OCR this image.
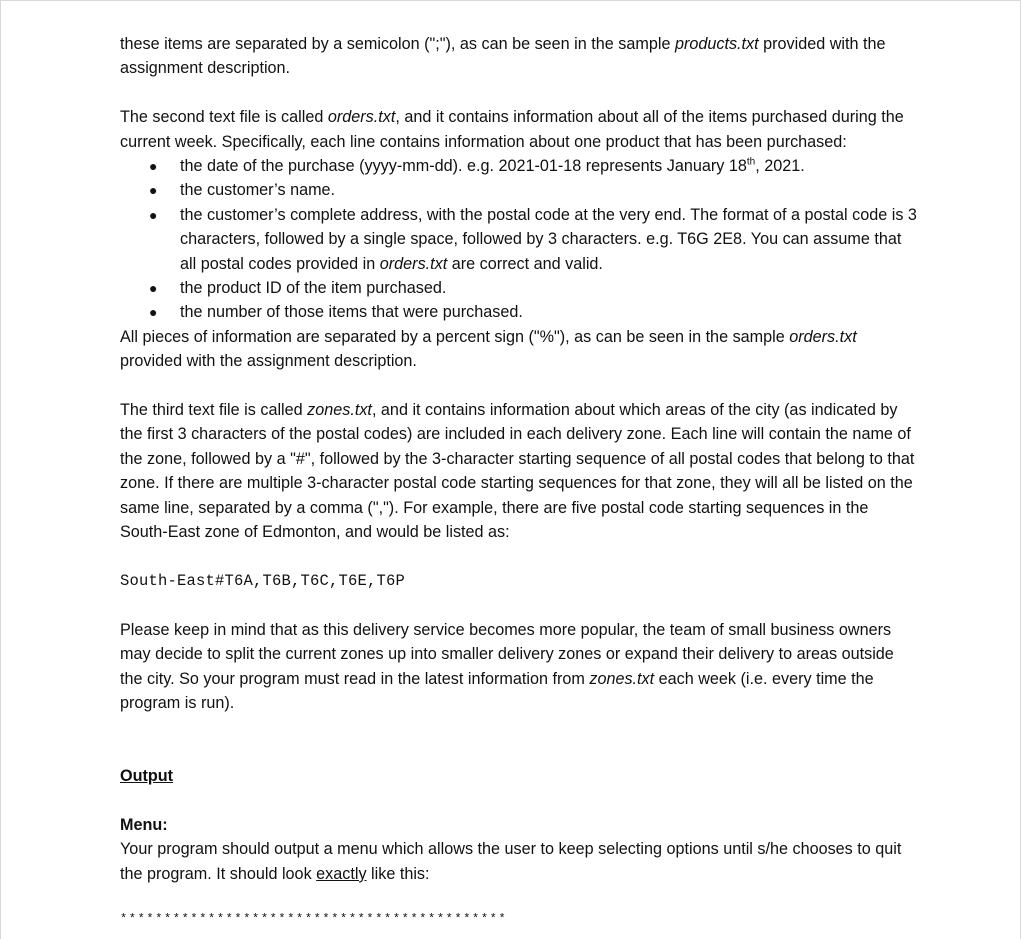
these items are separated by a semicolon (";"), as can be seen in the sample products.txt provided with the assignment description.

The second text file is called orders.txt, and it contains information about all of the items purchased during the current week. Specifically, each line contains information about one product that has been purchased:

● the date of the purchase (yyyy-mm-dd). e.g. 2021-01-18 represents January 18th, 2021.
● the customer’s name.
● the customer’s complete address, with the postal code at the very end. The format of a postal code is 3 characters, followed by a single space, followed by 3 characters. e.g. T6G 2E8. You can assume that all postal codes provided in orders.txt are correct and valid.
● the product ID of the item purchased.
● the number of those items that were purchased.

All pieces of information are separated by a percent sign ("%"), as can be seen in the sample orders.txt provided with the assignment description.

The third text file is called zones.txt, and it contains information about which areas of the city (as indicated by the first 3 characters of the postal codes) are included in each delivery zone. Each line will contain the name of the zone, followed by a "#", followed by the 3-character starting sequence of all postal codes that belong to that zone. If there are multiple 3-character postal code starting sequences for that zone, they will all be listed on the same line, separated by a comma (","). For example, there are five postal code starting sequences in the South-East zone of Edmonton, and would be listed as:

South-East#T6A,T6B,T6C,T6E,T6P

Please keep in mind that as this delivery service becomes more popular, the team of small business owners may decide to split the current zones up into smaller delivery zones or expand their delivery to areas outside the city. So your program must read in the latest information from zones.txt each week (i.e. every time the program is run).

Output

Menu:

Your program should output a menu which allows the user to keep selecting options until s/he chooses to quit the program. It should look exactly like this:

********************************************
